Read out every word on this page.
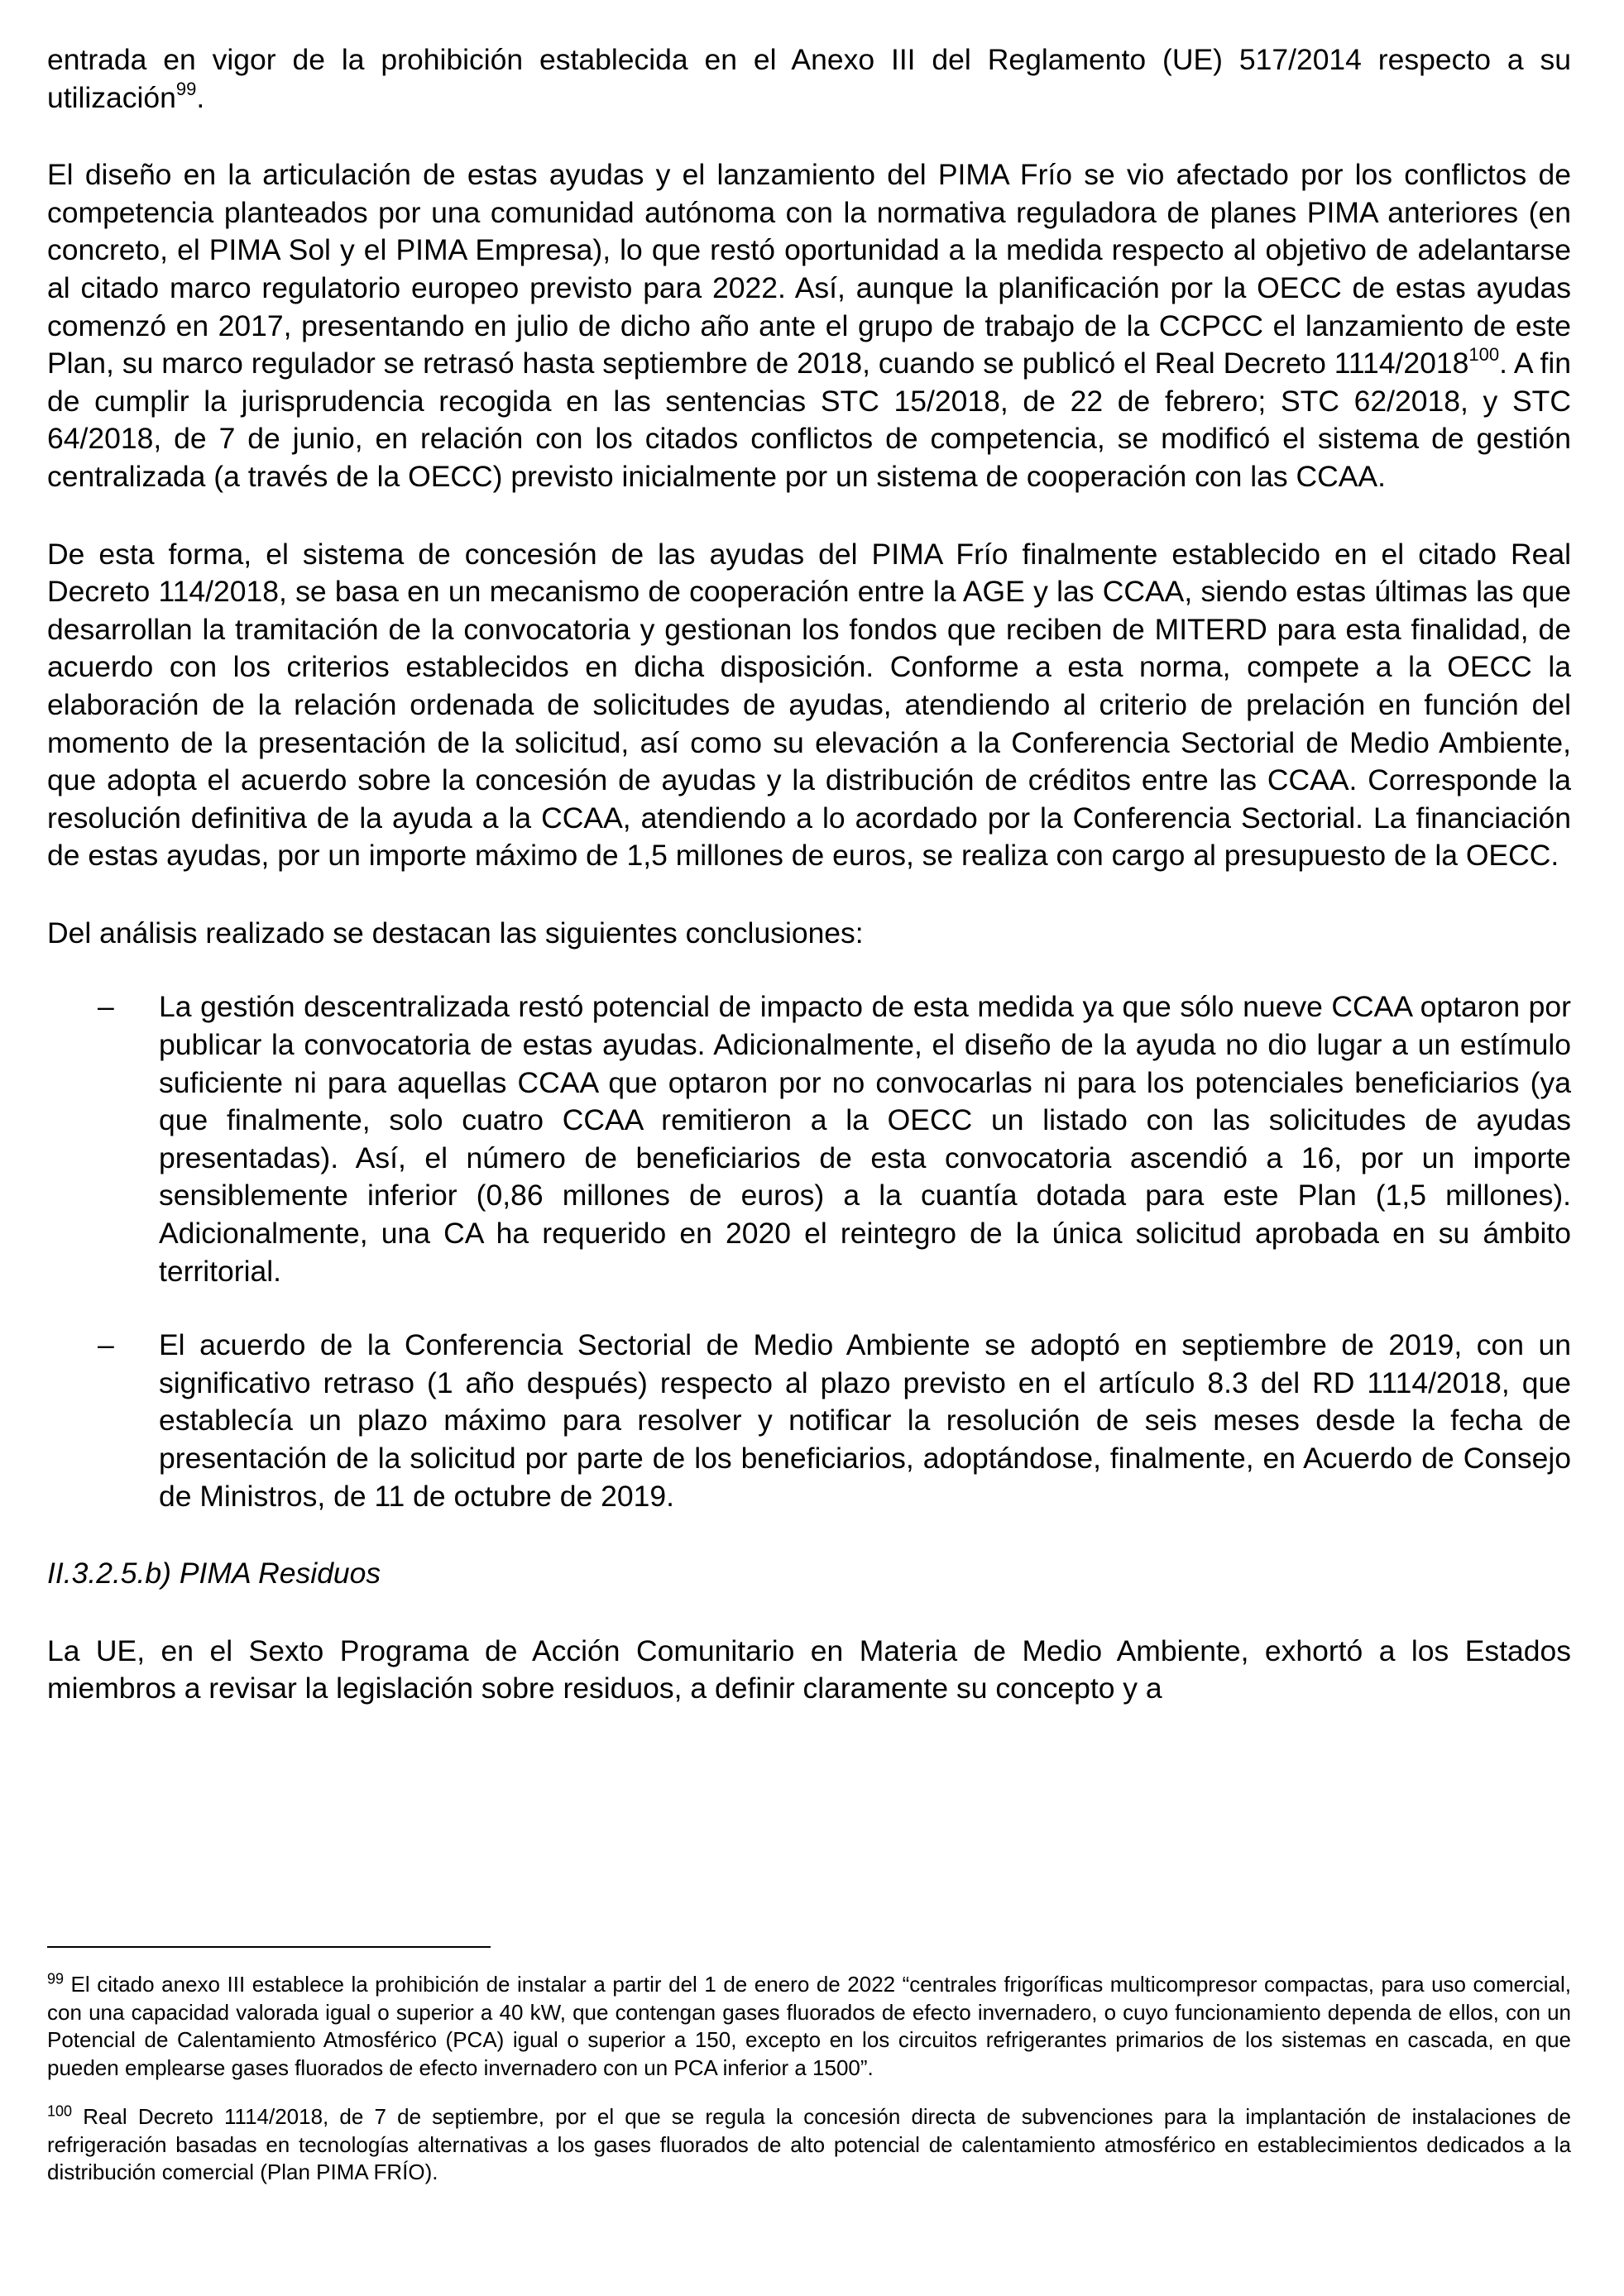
entrada en vigor de la prohibición establecida en el Anexo III del Reglamento (UE) 517/2014 respecto a su utilización$^{99}$.

El diseño en la articulación de estas ayudas y el lanzamiento del PIMA Frío se vio afectado por los conflictos de competencia planteados por una comunidad autónoma con la normativa reguladora de planes PIMA anteriores (en concreto, el PIMA Sol y el PIMA Empresa), lo que restó oportunidad a la medida respecto al objetivo de adelantarse al citado marco regulatorio europeo previsto para 2022. Así, aunque la planificación por la OECC de estas ayudas comenzó en 2017, presentando en julio de dicho año ante el grupo de trabajo de la CCPCC el lanzamiento de este Plan, su marco regulador se retrasó hasta septiembre de 2018, cuando se publicó el Real Decreto 1114/2018$^{100}$. A fin de cumplir la jurisprudencia recogida en las sentencias STC 15/2018, de 22 de febrero; STC 62/2018, y STC 64/2018, de 7 de junio, en relación con los citados conflictos de competencia, se modificó el sistema de gestión centralizada (a través de la OECC) previsto inicialmente por un sistema de cooperación con las CCAA.

De esta forma, el sistema de concesión de las ayudas del PIMA Frío finalmente establecido en el citado Real Decreto 114/2018, se basa en un mecanismo de cooperación entre la AGE y las CCAA, siendo estas últimas las que desarrollan la tramitación de la convocatoria y gestionan los fondos que reciben de MITERD para esta finalidad, de acuerdo con los criterios establecidos en dicha disposición. Conforme a esta norma, compete a la OECC la elaboración de la relación ordenada de solicitudes de ayudas, atendiendo al criterio de prelación en función del momento de la presentación de la solicitud, así como su elevación a la Conferencia Sectorial de Medio Ambiente, que adopta el acuerdo sobre la concesión de ayudas y la distribución de créditos entre las CCAA. Corresponde la resolución definitiva de la ayuda a la CCAA, atendiendo a lo acordado por la Conferencia Sectorial. La financiación de estas ayudas, por un importe máximo de 1,5 millones de euros, se realiza con cargo al presupuesto de la OECC.

Del análisis realizado se destacan las siguientes conclusiones:

– La gestión descentralizada restó potencial de impacto de esta medida ya que sólo nueve CCAA optaron por publicar la convocatoria de estas ayudas. Adicionalmente, el diseño de la ayuda no dio lugar a un estímulo suficiente ni para aquellas CCAA que optaron por no convocarlas ni para los potenciales beneficiarios (ya que finalmente, solo cuatro CCAA remitieron a la OECC un listado con las solicitudes de ayudas presentadas). Así, el número de beneficiarios de esta convocatoria ascendió a 16, por un importe sensiblemente inferior (0,86 millones de euros) a la cuantía dotada para este Plan (1,5 millones). Adicionalmente, una CA ha requerido en 2020 el reintegro de la única solicitud aprobada en su ámbito territorial.

– El acuerdo de la Conferencia Sectorial de Medio Ambiente se adoptó en septiembre de 2019, con un significativo retraso (1 año después) respecto al plazo previsto en el artículo 8.3 del RD 1114/2018, que establecía un plazo máximo para resolver y notificar la resolución de seis meses desde la fecha de presentación de la solicitud por parte de los beneficiarios, adoptándose, finalmente, en Acuerdo de Consejo de Ministros, de 11 de octubre de 2019.

II.3.2.5.b) PIMA Residuos

La UE, en el Sexto Programa de Acción Comunitario en Materia de Medio Ambiente, exhortó a los Estados miembros a revisar la legislación sobre residuos, a definir claramente su concepto y a

$^{99}$ El citado anexo III establece la prohibición de instalar a partir del 1 de enero de 2022 “centrales frigoríficas multicompresor compactas, para uso comercial, con una capacidad valorada igual o superior a 40 kW, que contengan gases fluorados de efecto invernadero, o cuyo funcionamiento dependa de ellos, con un Potencial de Calentamiento Atmosférico (PCA) igual o superior a 150, excepto en los circuitos refrigerantes primarios de los sistemas en cascada, en que pueden emplearse gases fluorados de efecto invernadero con un PCA inferior a 1500”.

$^{100}$ Real Decreto 1114/2018, de 7 de septiembre, por el que se regula la concesión directa de subvenciones para la implantación de instalaciones de refrigeración basadas en tecnologías alternativas a los gases fluorados de alto potencial de calentamiento atmosférico en establecimientos dedicados a la distribución comercial (Plan PIMA FRÍO).
